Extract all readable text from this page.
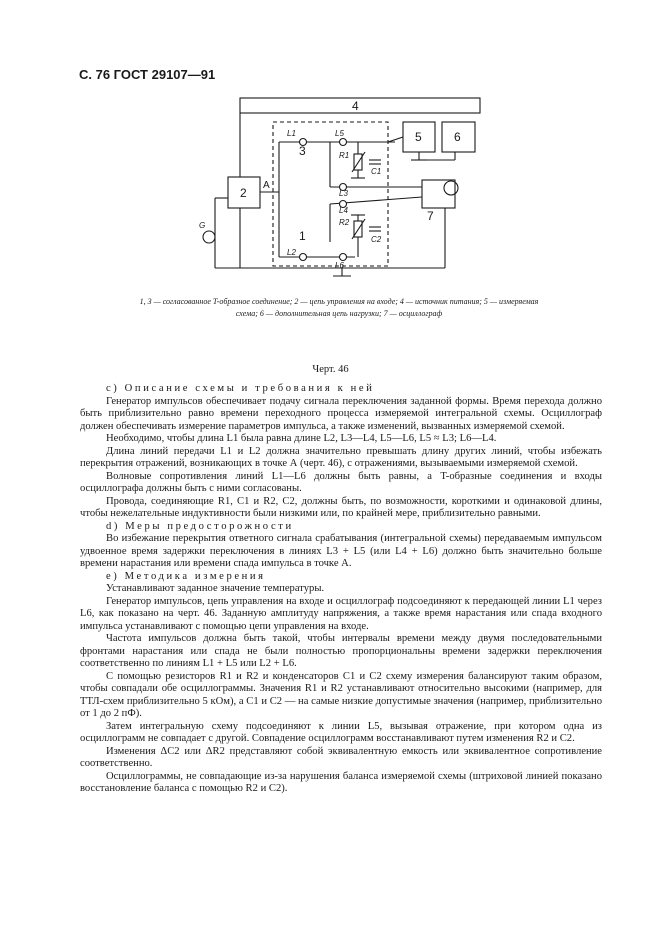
С. 76 ГОСТ 29107—91
4
5	6
2
7
3
1
A
L1
L2
L5
L3
L4
L6
R1
R2
C1
C2
G
1, 3 — согласованное T-образное соединение; 2 — цепь управления на входе; 4 — источник питания; 5 — измеряемая
схема; 6 — дополнительная цепь нагрузки; 7 — осциллограф
Черт. 46

c) Описание схемы и требования к ней

Генератор импульсов обеспечивает подачу сигнала переключения заданной формы. Время перехода должно быть приблизительно равно времени переходного процесса измеряемой интегральной схемы. Осциллограф должен обеспечивать измерение параметров импульса, а также изменений, вызванных измеряемой схемой.

Необходимо, чтобы длина L1 была равна длине L2, L3—L4, L5—L6, L5 ≈ L3; L6—L4.

Длина линий передачи L1 и L2 должна значительно превышать длину других линий, чтобы избежать перекрытия отражений, возникающих в точке А (черт. 46), с отражениями, вызываемыми измеряемой схемой.

Волновые сопротивления линий L1—L6 должны быть равны, а T-образные соединения и входы осциллографа должны быть с ними согласованы.

Провода, соединяющие R1, C1 и R2, C2, должны быть, по возможности, короткими и одинаковой длины, чтобы нежелательные индуктивности были низкими или, по крайней мере, приблизительно равными.

d) Меры предосторожности

Во избежание перекрытия ответного сигнала срабатывания (интегральной схемы) передаваемым импульсом удвоенное время задержки переключения в линиях L3 + L5 (или L4 + L6) должно быть значительно больше времени нарастания или времени спада импульса в точке А.

e) Методика измерения

Устанавливают заданное значение температуры.

Генератор импульсов, цепь управления на входе и осциллограф подсоединяют к передающей линии L1 через L6, как показано на черт. 46. Заданную амплитуду напряжения, а также время нарастания или спада входного импульса устанавливают с помощью цепи управления на входе.

Частота импульсов должна быть такой, чтобы интервалы времени между двумя последовательными фронтами нарастания или спада не были полностью пропорциональны времени задержки переключения соответственно по линиям L1 + L5 или L2 + L6.

С помощью резисторов R1 и R2 и конденсаторов C1 и C2 схему измерения балансируют таким образом, чтобы совпадали обе осциллограммы. Значения R1 и R2 устанавливают относительно высокими (например, для ТТЛ-схем приблизительно 5 кОм), а C1 и C2 — на самые низкие допустимые значения (например, приблизительно от 1 до 2 пФ).

Затем интегральную схему подсоединяют к линии L5, вызывая отражение, при котором одна из осциллограмм не совпадает с другой. Совпадение осциллограмм восстанавливают путем изменения R2 и C2.

Изменения ΔC2 или ΔR2 представляют собой эквивалентную емкость или эквивалентное сопротивление соответственно.

Осциллограммы, не совпадающие из-за нарушения баланса измеряемой схемы (штриховой линией показано восстановление баланса с помощью R2 и C2).
